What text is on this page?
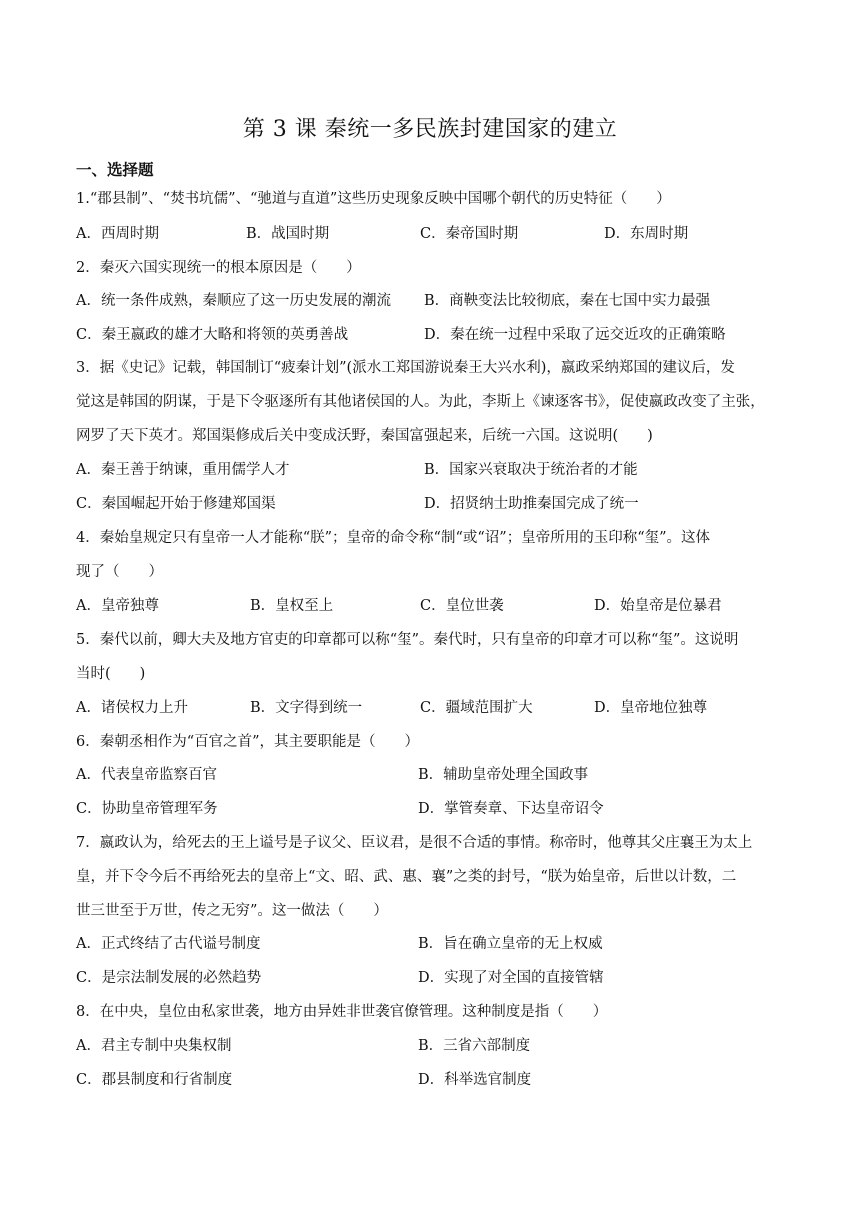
第 3 课 秦统一多民族封建国家的建立
一、选择题
1.“郡县制”、“焚书坑儒”、“驰道与直道”这些历史现象反映中国哪个朝代的历史特征（　　）
A．西周时期	B．战国时期	C．秦帝国时期	D．东周时期
2．秦灭六国实现统一的根本原因是（　　）
A．统一条件成熟，秦顺应了这一历史发展的潮流 B．商鞅变法比较彻底，秦在七国中实力最强
C．秦王嬴政的雄才大略和将领的英勇善战	D．秦在统一过程中采取了远交近攻的正确策略
3．据《史记》记载，韩国制订“疲秦计划”(派水工郑国游说秦王大兴水利)，嬴政采纳郑国的建议后，发
觉这是韩国的阴谋，于是下令驱逐所有其他诸侯国的人。为此，李斯上《谏逐客书》，促使嬴政改变了主张，
网罗了天下英才。郑国渠修成后关中变成沃野，秦国富强起来，后统一六国。这说明(　　)
A．秦王善于纳谏，重用儒学人才	B．国家兴衰取决于统治者的才能
C．秦国崛起开始于修建郑国渠	D．招贤纳士助推秦国完成了统一
4．秦始皇规定只有皇帝一人才能称“朕”；皇帝的命令称“制“或“诏”；皇帝所用的玉印称“玺”。这体
现了（　　）
A．皇帝独尊	B．皇权至上	C．皇位世袭	D．始皇帝是位暴君
5．秦代以前，卿大夫及地方官吏的印章都可以称“玺”。秦代时，只有皇帝的印章才可以称“玺”。这说明
当时(　　)
A．诸侯权力上升	B．文字得到统一	C．疆域范围扩大	D．皇帝地位独尊
6．秦朝丞相作为“百官之首”，其主要职能是（　　）
A．代表皇帝监察百官	B．辅助皇帝处理全国政事
C．协助皇帝管理军务	D．掌管奏章、下达皇帝诏令
7．嬴政认为，给死去的王上谥号是子议父、臣议君，是很不合适的事情。称帝时，他尊其父庄襄王为太上
皇，并下令今后不再给死去的皇帝上“文、昭、武、惠、襄”之类的封号，“朕为始皇帝，后世以计数，二
世三世至于万世，传之无穷”。这一做法（　　）
A．正式终结了古代谥号制度	B．旨在确立皇帝的无上权威
C．是宗法制发展的必然趋势	D．实现了对全国的直接管辖
8．在中央，皇位由私家世袭，地方由异姓非世袭官僚管理。这种制度是指（　　）
A．君主专制中央集权制	B．三省六部制度
C．郡县制度和行省制度	D．科举选官制度
